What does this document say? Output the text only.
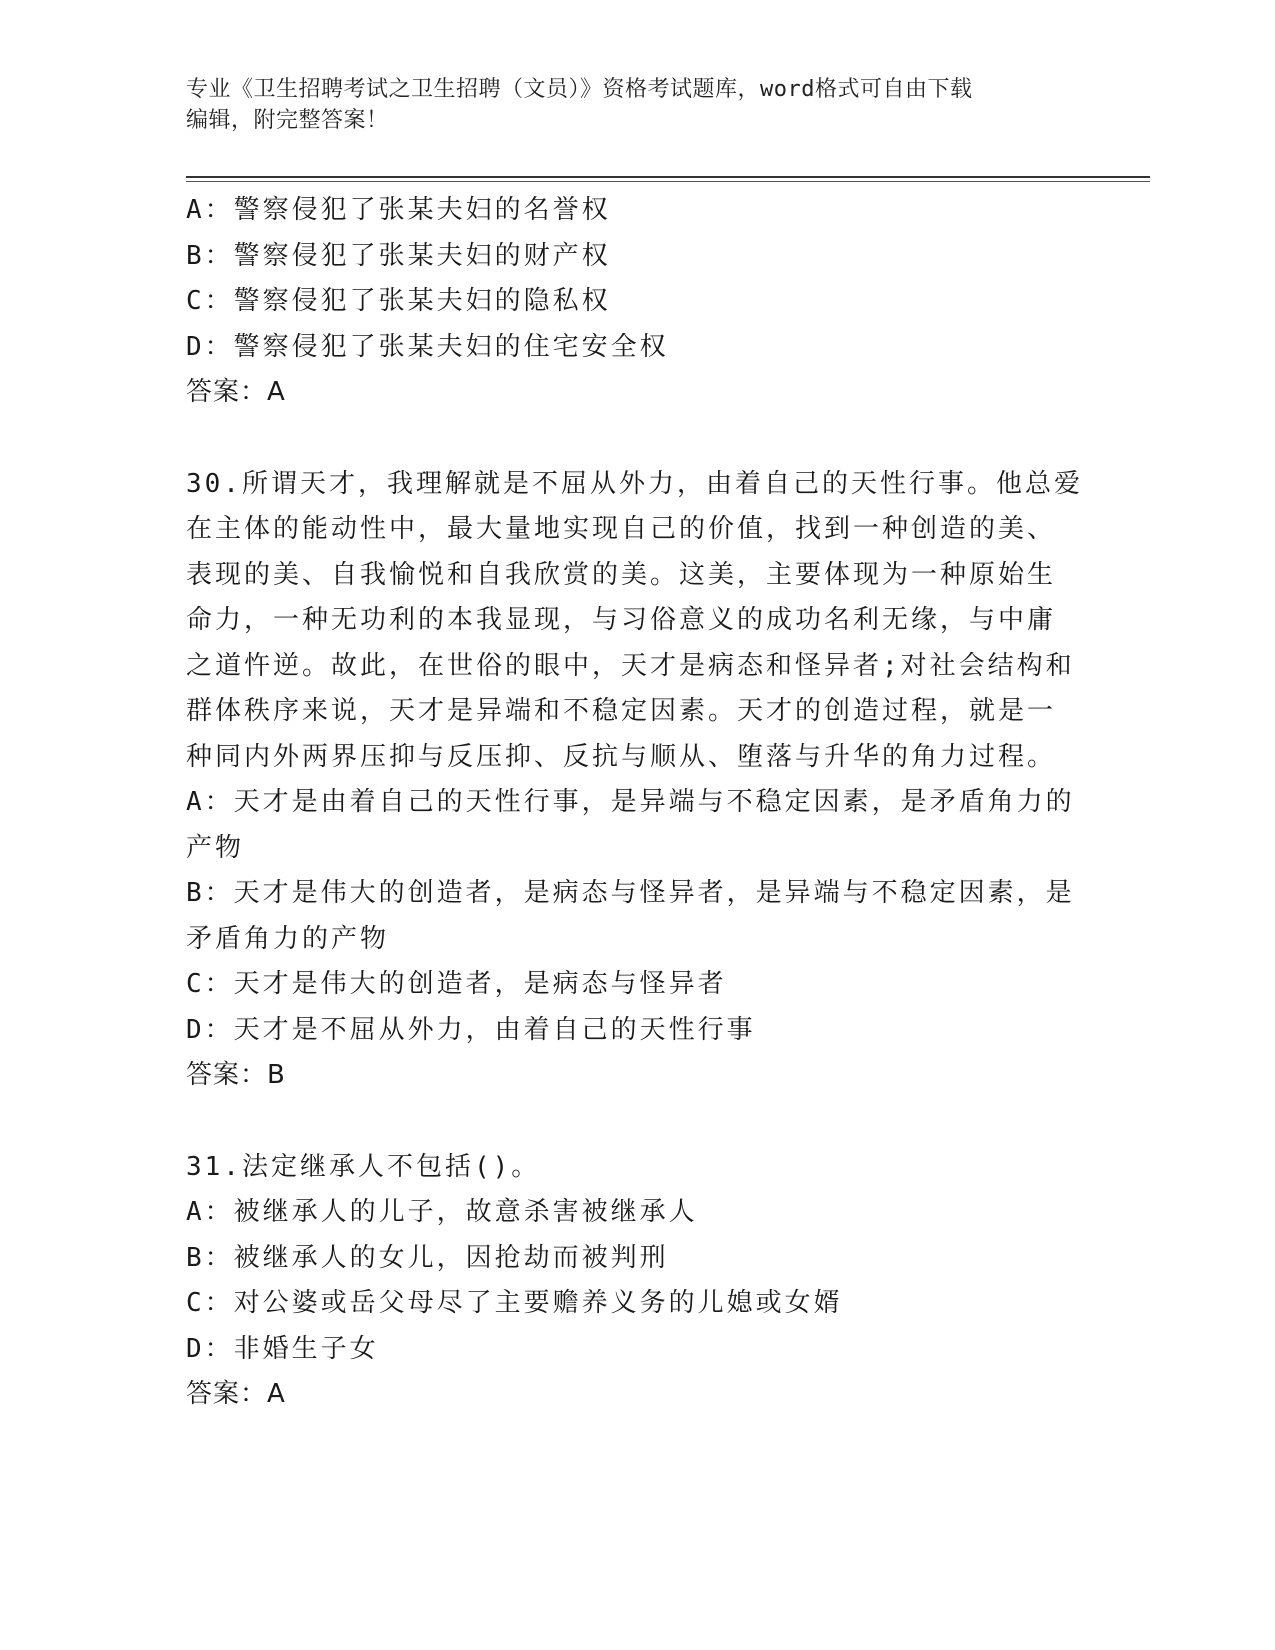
专业《卫生招聘考试之卫生招聘（文员）》资格考试题库，word格式可自由下载
编辑，附完整答案！
A：警察侵犯了张某夫妇的名誉权
B：警察侵犯了张某夫妇的财产权
C：警察侵犯了张某夫妇的隐私权
D：警察侵犯了张某夫妇的住宅安全权
答案：A
30.所谓天才，我理解就是不屈从外力，由着自己的天性行事。他总爱
在主体的能动性中，最大量地实现自己的价值，找到一种创造的美、
表现的美、自我愉悦和自我欣赏的美。这美，主要体现为一种原始生
命力，一种无功利的本我显现，与习俗意义的成功名利无缘，与中庸
之道忤逆。故此，在世俗的眼中，天才是病态和怪异者;对社会结构和
群体秩序来说，天才是异端和不稳定因素。天才的创造过程，就是一
种同内外两界压抑与反压抑、反抗与顺从、堕落与升华的角力过程。
A：天才是由着自己的天性行事，是异端与不稳定因素，是矛盾角力的
产物
B：天才是伟大的创造者，是病态与怪异者，是异端与不稳定因素，是
矛盾角力的产物
C：天才是伟大的创造者，是病态与怪异者
D：天才是不屈从外力，由着自己的天性行事
答案：B
31.法定继承人不包括()。
A：被继承人的儿子，故意杀害被继承人
B：被继承人的女儿，因抢劫而被判刑
C：对公婆或岳父母尽了主要赡养义务的儿媳或女婿
D：非婚生子女
答案：A
